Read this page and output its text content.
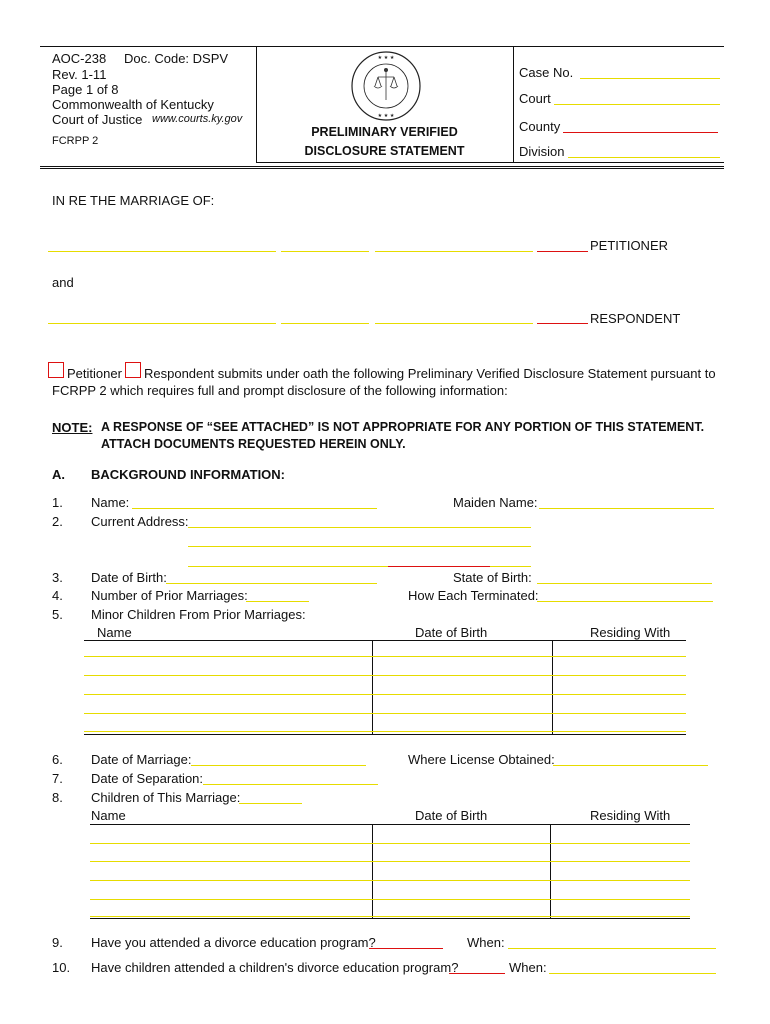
AOC-238 Doc. Code: DSPV
Rev. 1-11
Page 1 of 8
Commonwealth of Kentucky
Court of Justice www.courts.ky.gov
FCRPP 2
★ ★ ★
★ ★ ★
PRELIMINARY VERIFIED
DISCLOSURE STATEMENT
Case No.
Court
County
Division
IN RE THE MARRIAGE OF:
PETITIONER
and
RESPONDENT
Petitioner Respondent submits under oath the following Preliminary Verified Disclosure Statement pursuant to
FCRPP 2 which requires full and prompt disclosure of the following information:
NOTE: A RESPONSE OF “SEE ATTACHED” IS NOT APPROPRIATE FOR ANY PORTION OF THIS STATEMENT.
ATTACH DOCUMENTS REQUESTED HEREIN ONLY.
A. BACKGROUND INFORMATION:
1. Name:	Maiden Name:
2. Current Address:
3. Date of Birth:	State of Birth:
4. Number of Prior Marriages:	How Each Terminated:
5. Minor Children From Prior Marriages:
Name	Date of Birth	Residing With
6. Date of Marriage:	Where License Obtained:
7. Date of Separation:
8. Children of This Marriage:
Name	Date of Birth	Residing With
9. Have you attended a divorce education program?	When:
10. Have children attended a children's divorce education program?	When:
